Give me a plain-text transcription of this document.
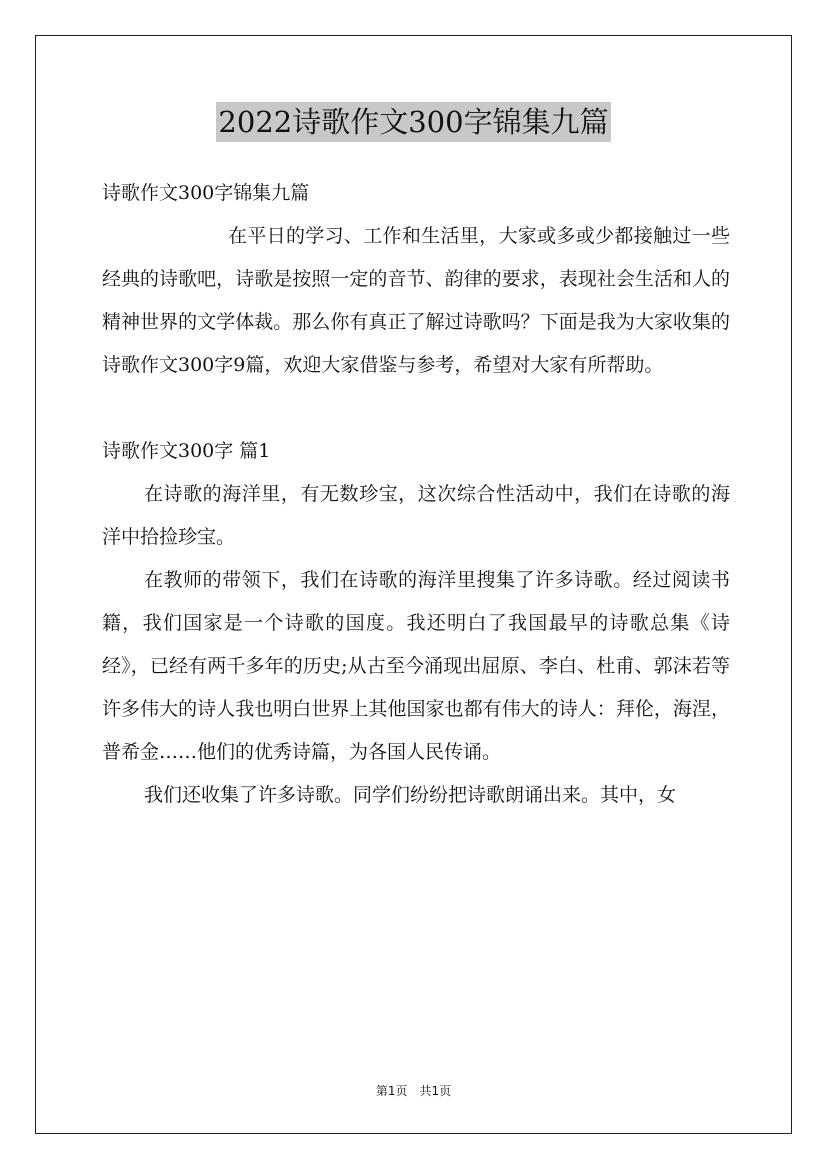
2022诗歌作文300字锦集九篇

诗歌作文300字锦集九篇

在平日的学习、工作和生活里，大家或多或少都接触过一些经典的诗歌吧，诗歌是按照一定的音节、韵律的要求，表现社会生活和人的精神世界的文学体裁。那么你有真正了解过诗歌吗？下面是我为大家收集的诗歌作文300字9篇，欢迎大家借鉴与参考，希望对大家有所帮助。

诗歌作文300字 篇1

在诗歌的海洋里，有无数珍宝，这次综合性活动中，我们在诗歌的海洋中拾捡珍宝。

在教师的带领下，我们在诗歌的海洋里搜集了许多诗歌。经过阅读书籍，我们国家是一个诗歌的国度。我还明白了我国最早的诗歌总集《诗经》，已经有两千多年的历史;从古至今涌现出屈原、李白、杜甫、郭沫若等许多伟大的诗人我也明白世界上其他国家也都有伟大的诗人：拜伦，海涅，普希金……他们的优秀诗篇，为各国人民传诵。

我们还收集了许多诗歌。同学们纷纷把诗歌朗诵出来。其中，女

第1页　共1页
